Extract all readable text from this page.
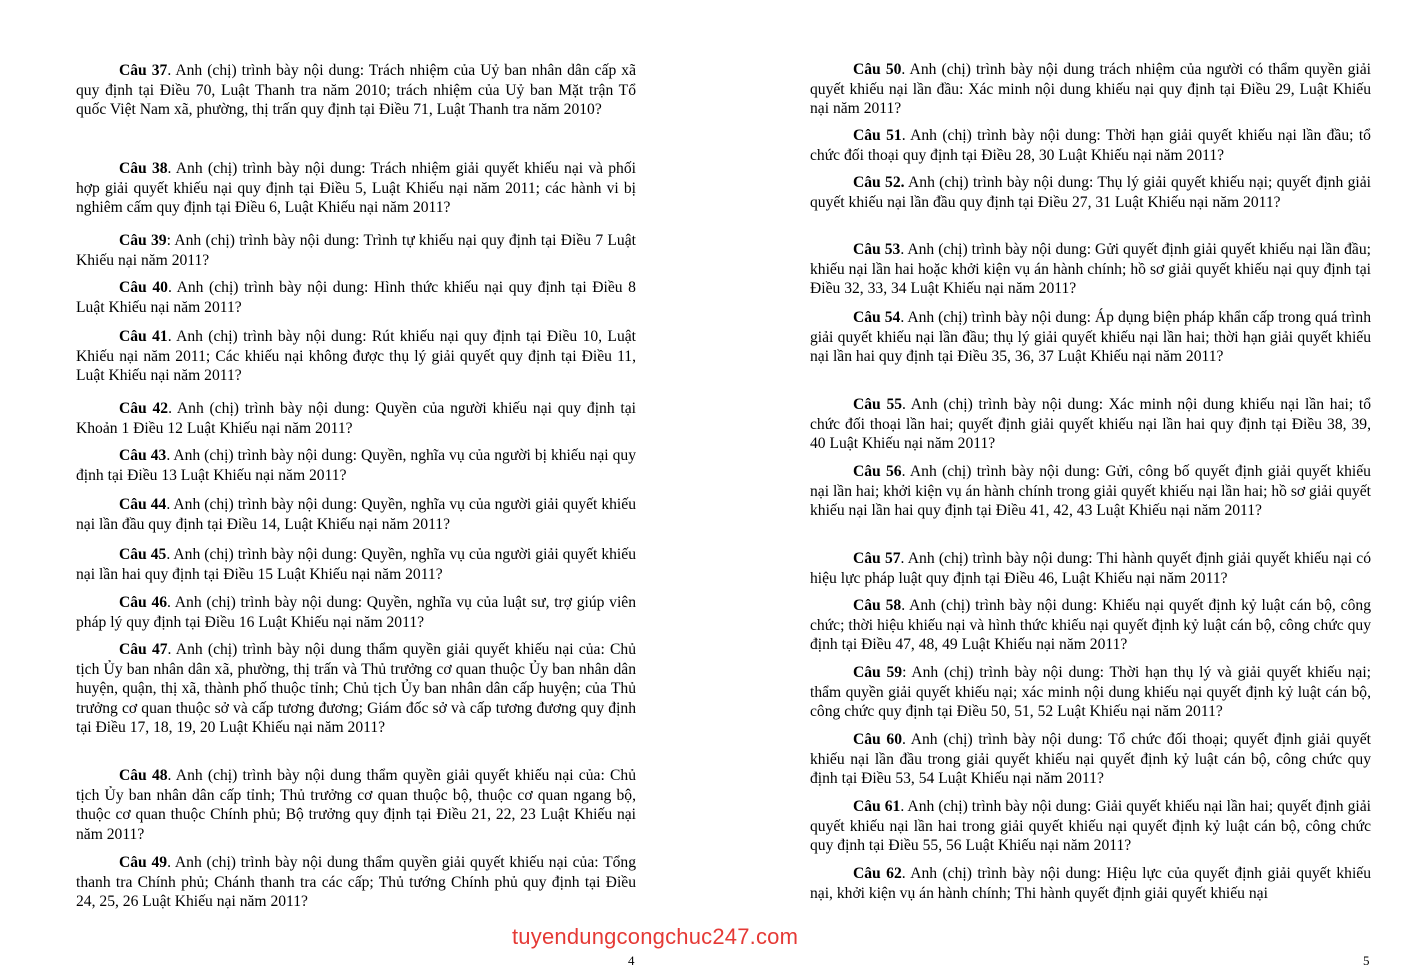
Câu 37. Anh (chị) trình bày nội dung: Trách nhiệm của Uỷ ban nhân dân cấp xã quy định tại Điều 70, Luật Thanh tra năm 2010; trách nhiệm của Uỷ ban Mặt trận Tổ quốc Việt Nam xã, phường, thị trấn quy định tại Điều 71, Luật Thanh tra năm 2010?

Câu 38. Anh (chị) trình bày nội dung: Trách nhiệm giải quyết khiếu nại và phối hợp giải quyết khiếu nại quy định tại Điều 5, Luật Khiếu nại năm 2011; các hành vi bị nghiêm cấm quy định tại Điều 6, Luật Khiếu nại năm 2011?

Câu 39: Anh (chị) trình bày nội dung: Trình tự khiếu nại quy định tại Điều 7 Luật Khiếu nại năm 2011?

Câu 40. Anh (chị) trình bày nội dung: Hình thức khiếu nại quy định tại Điều 8 Luật Khiếu nại năm 2011?

Câu 41. Anh (chị) trình bày nội dung: Rút khiếu nại quy định tại Điều 10, Luật Khiếu nại năm 2011; Các khiếu nại không được thụ lý giải quyết quy định tại Điều 11, Luật Khiếu nại năm 2011?

Câu 42. Anh (chị) trình bày nội dung: Quyền của người khiếu nại quy định tại Khoản 1 Điều 12 Luật Khiếu nại năm 2011?

Câu 43. Anh (chị) trình bày nội dung: Quyền, nghĩa vụ của người bị khiếu nại quy định tại Điều 13 Luật Khiếu nại năm 2011?

Câu 44. Anh (chị) trình bày nội dung: Quyền, nghĩa vụ của người giải quyết khiếu nại lần đầu quy định tại Điều 14, Luật Khiếu nại năm 2011?

Câu 45. Anh (chị) trình bày nội dung: Quyền, nghĩa vụ của người giải quyết khiếu nại lần hai quy định tại Điều 15 Luật Khiếu nại năm 2011?

Câu 46. Anh (chị) trình bày nội dung: Quyền, nghĩa vụ của luật sư, trợ giúp viên pháp lý quy định tại Điều 16 Luật Khiếu nại năm 2011?

Câu 47. Anh (chị) trình bày nội dung thẩm quyền giải quyết khiếu nại của: Chủ tịch Ủy ban nhân dân xã, phường, thị trấn và Thủ trưởng cơ quan thuộc Ủy ban nhân dân huyện, quận, thị xã, thành phố thuộc tỉnh; Chủ tịch Ủy ban nhân dân cấp huyện; của Thủ trưởng cơ quan thuộc sở và cấp tương đương; Giám đốc sở và cấp tương đương quy định tại Điều 17, 18, 19, 20 Luật Khiếu nại năm 2011?

Câu 48. Anh (chị) trình bày nội dung thẩm quyền giải quyết khiếu nại của: Chủ tịch Ủy ban nhân dân cấp tỉnh; Thủ trưởng cơ quan thuộc bộ, thuộc cơ quan ngang bộ, thuộc cơ quan thuộc Chính phủ; Bộ trưởng quy định tại Điều 21, 22, 23 Luật Khiếu nại năm 2011?

Câu 49. Anh (chị) trình bày nội dung thẩm quyền giải quyết khiếu nại của: Tổng thanh tra Chính phủ; Chánh thanh tra các cấp; Thủ tướng Chính phủ quy định tại Điều 24, 25, 26 Luật Khiếu nại năm 2011?

Câu 50. Anh (chị) trình bày nội dung trách nhiệm của người có thẩm quyền giải quyết khiếu nại lần đầu: Xác minh nội dung khiếu nại quy định tại Điều 29, Luật Khiếu nại năm 2011?

Câu 51. Anh (chị) trình bày nội dung: Thời hạn giải quyết khiếu nại lần đầu; tổ chức đối thoại quy định tại Điều 28, 30 Luật Khiếu nại năm 2011?

Câu 52. Anh (chị) trình bày nội dung: Thụ lý giải quyết khiếu nại; quyết định giải quyết khiếu nại lần đầu quy định tại Điều 27, 31 Luật Khiếu nại năm 2011?

Câu 53. Anh (chị) trình bày nội dung: Gửi quyết định giải quyết khiếu nại lần đầu; khiếu nại lần hai hoặc khởi kiện vụ án hành chính; hồ sơ giải quyết khiếu nại quy định tại Điều 32, 33, 34 Luật Khiếu nại năm 2011?

Câu 54. Anh (chị) trình bày nội dung: Áp dụng biện pháp khẩn cấp trong quá trình giải quyết khiếu nại lần đầu; thụ lý giải quyết khiếu nại lần hai; thời hạn giải quyết khiếu nại lần hai quy định tại Điều 35, 36, 37 Luật Khiếu nại năm 2011?

Câu 55. Anh (chị) trình bày nội dung: Xác minh nội dung khiếu nại lần hai; tổ chức đối thoại lần hai; quyết định giải quyết khiếu nại lần hai quy định tại Điều 38, 39, 40 Luật Khiếu nại năm 2011?

Câu 56. Anh (chị) trình bày nội dung: Gửi, công bố quyết định giải quyết khiếu nại lần hai; khởi kiện vụ án hành chính trong giải quyết khiếu nại lần hai; hồ sơ giải quyết khiếu nại lần hai quy định tại Điều 41, 42, 43 Luật Khiếu nại năm 2011?

Câu 57. Anh (chị) trình bày nội dung: Thi hành quyết định giải quyết khiếu nại có hiệu lực pháp luật quy định tại Điều 46, Luật Khiếu nại năm 2011?

Câu 58. Anh (chị) trình bày nội dung: Khiếu nại quyết định kỷ luật cán bộ, công chức; thời hiệu khiếu nại và hình thức khiếu nại quyết định kỷ luật cán bộ, công chức quy định tại Điều 47, 48, 49 Luật Khiếu nại năm 2011?

Câu 59: Anh (chị) trình bày nội dung: Thời hạn thụ lý và giải quyết khiếu nại; thẩm quyền giải quyết khiếu nại; xác minh nội dung khiếu nại quyết định kỷ luật cán bộ, công chức quy định tại Điều 50, 51, 52 Luật Khiếu nại năm 2011?

Câu 60. Anh (chị) trình bày nội dung: Tổ chức đối thoại; quyết định giải quyết khiếu nại lần đầu trong giải quyết khiếu nại quyết định kỷ luật cán bộ, công chức quy định tại Điều 53, 54 Luật Khiếu nại năm 2011?

Câu 61. Anh (chị) trình bày nội dung: Giải quyết khiếu nại lần hai; quyết định giải quyết khiếu nại lần hai trong giải quyết khiếu nại quyết định kỷ luật cán bộ, công chức quy định tại Điều 55, 56 Luật Khiếu nại năm 2011?

Câu 62. Anh (chị) trình bày nội dung: Hiệu lực của quyết định giải quyết khiếu nại, khởi kiện vụ án hành chính; Thi hành quyết định giải quyết khiếu nại

tuyendungcongchuc247.com
4	5
